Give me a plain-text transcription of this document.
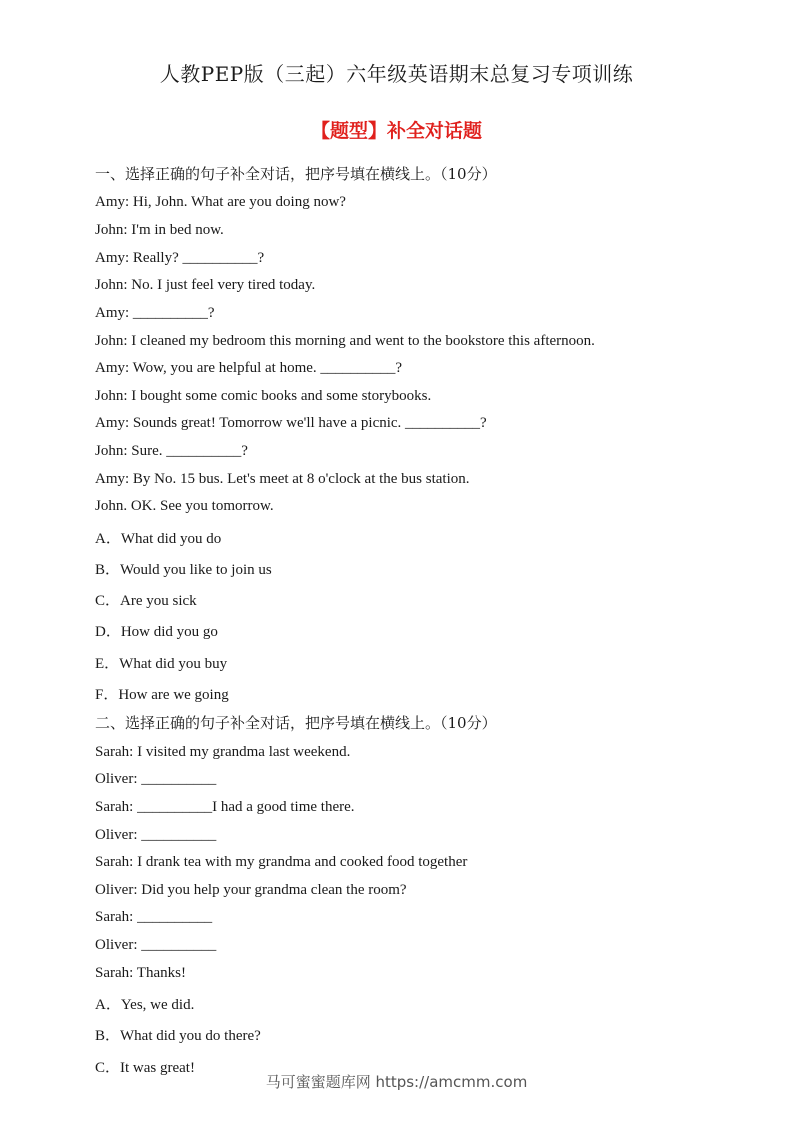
人教PEP版（三起）六年级英语期末总复习专项训练
【题型】补全对话题
一、选择正确的句子补全对话，把序号填在横线上。（10分）
Amy: Hi, John. What are you doing now?
John: I'm in bed now.
Amy: Really? __________?
John: No. I just feel very tired today.
Amy: __________?
John: I cleaned my bedroom this morning and went to the bookstore this afternoon.
Amy: Wow, you are helpful at home. __________?
John: I bought some comic books and some storybooks.
Amy: Sounds great! Tomorrow we'll have a picnic. __________?
John: Sure. __________?
Amy: By No. 15 bus. Let's meet at 8 o'clock at the bus station.
John. OK. See you tomorrow.
A．What did you do
B．Would you like to join us
C．Are you sick
D．How did you go
E．What did you buy
F．How are we going
二、选择正确的句子补全对话，把序号填在横线上。（10分）
Sarah: I visited my grandma last weekend.
Oliver: __________
Sarah: __________I had a good time there.
Oliver: __________
Sarah: I drank tea with my grandma and cooked food together
Oliver: Did you help your grandma clean the room?
Sarah: __________
Oliver: __________
Sarah: Thanks!
A．Yes, we did.
B．What did you do there?
C．It was great!
马可蜜蜜题库网 https://amcmm.com
